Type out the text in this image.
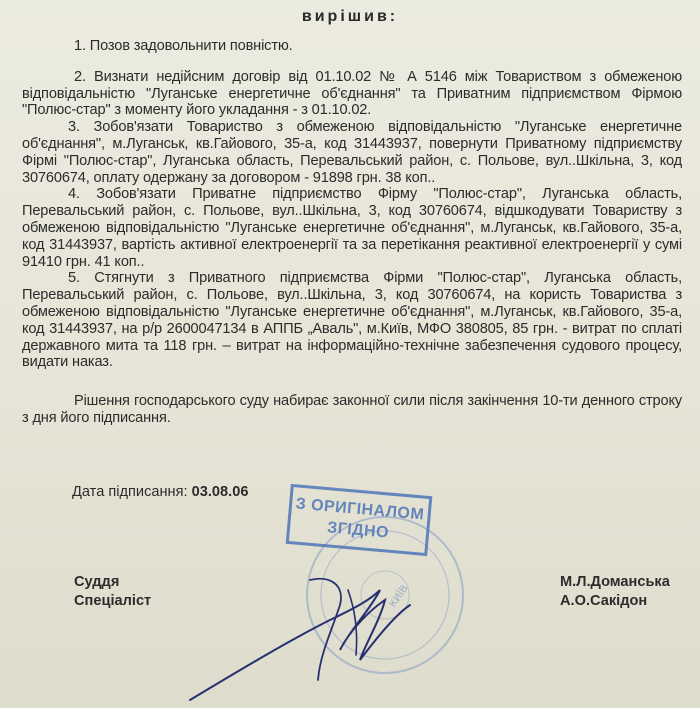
вирішив:

1. Позов задовольнити повністю.

2. Визнати недійсним договір від 01.10.02 № А 5146 між Товариством з обмеженою відповідальністю "Луганське енергетичне об'єднання" та Приватним підприємством Фірмою "Полюс-стар" з моменту його укладання - з 01.10.02.

3. Зобов'язати Товариство з обмеженою відповідальністю "Луганське енергетичне об'єднання", м.Луганськ, кв.Гайового, 35-а, код 31443937, повернути Приватному підприємству Фірмі "Полюс-стар", Луганська область, Перевальський район, с. Польове, вул..Шкільна, 3, код 30760674, оплату одержану за договором - 91898 грн. 38 коп..

4. Зобов'язати Приватне підприємство Фірму "Полюс-стар", Луганська область, Перевальський район, с. Польове, вул..Шкільна, 3, код 30760674, відшкодувати Товариству з обмеженою відповідальністю "Луганське енергетичне об'єднання", м.Луганськ, кв.Гайового, 35-а, код 31443937, вартість активної електроенергії та за перетікання реактивної електроенергії у сумі 91410 грн. 41 коп..

5. Стягнути з Приватного підприємства Фірми "Полюс-стар", Луганська область, Перевальський район, с. Польове, вул..Шкільна, 3, код 30760674, на користь Товариства з обмеженою відповідальністю "Луганське енергетичне об'єднання", м.Луганськ, кв.Гайового, 35-а, код 31443937, на р/р 2600047134 в АППБ „Аваль", м.Київ, МФО 380805, 85 грн. - витрат по сплаті державного мита та 118 грн. – витрат на інформаційно-технічне забезпечення судового процесу, видати наказ.

Рішення господарського суду набирає законної сили після закінчення 10-ти денного строку з дня його підписання.

Дата підписання: 03.08.06
КИЇВ
З ОРИГІНАЛОМ
ЗГІДНО
Суддя
Спеціаліст
М.Л.Доманська
А.О.Сакідон
